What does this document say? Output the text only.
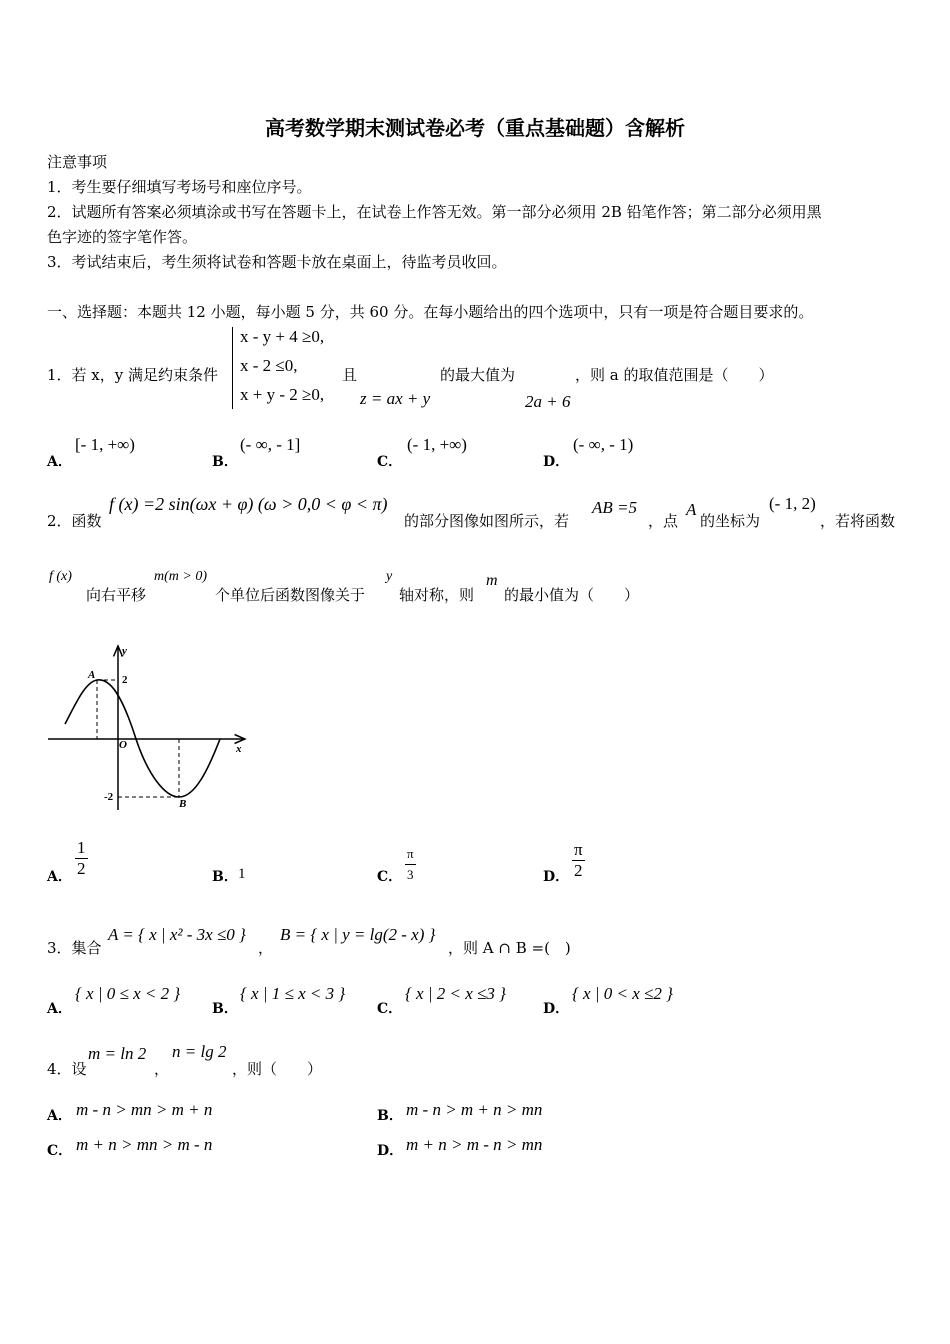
高考数学期末测试卷必考（重点基础题）含解析
注意事项
1．考生要仔细填写考场号和座位序号。
2．试题所有答案必须填涂或书写在答题卡上，在试卷上作答无效。第一部分必须用 2B 铅笔作答；第二部分必须用黑
色字迹的签字笔作答。
3．考试结束后，考生须将试卷和答题卡放在桌面上，待监考员收回。
一、选择题：本题共 12 小题，每小题 5 分，共 60 分。在每小题给出的四个选项中，只有一项是符合题目要求的。
1．若 x，y 满足约束条件
x - y + 4 ≥0,
x - 2 ≤0,
x + y - 2 ≥0,
且
z = ax + y
的最大值为
2a + 6
，则 a 的取值范围是（　　）
A．
[- 1, +∞)
B．
(- ∞, - 1]
C．
(- 1, +∞)
D．
(- ∞, - 1)
2．函数
f (x) =2 sin(ωx + φ) (ω > 0,0 < φ < π)
的部分图像如图所示，若
AB =5
，点
A
的坐标为
(- 1, 2)
，若将函数
f (x)
向右平移
m(m > 0)
个单位后函数图像关于
y
轴对称，则
m
的最小值为（　　）
y
x
O
2
-2
A
B
A． $\frac{1}{2}$	B． 1	C． $\frac{\pi}{3}$	D． $\frac{\pi}{2}$
3．集合
A = { x | x² - 3x ≤0 }
，
B = { x | y = lg(2 - x) }
，则 A ∩ B =(　)
A．
{ x | 0 ≤ x < 2 }
B．
{ x | 1 ≤ x < 3 }
C．
{ x | 2 < x ≤3 }
D．
{ x | 0 < x ≤2 }
4．设
m = ln 2
，
n = lg 2
，则（　　）
A． m - n > mn > m + n	B． m - n > m + n > mn
C． m + n > mn > m - n	D． m + n > m - n > mn
